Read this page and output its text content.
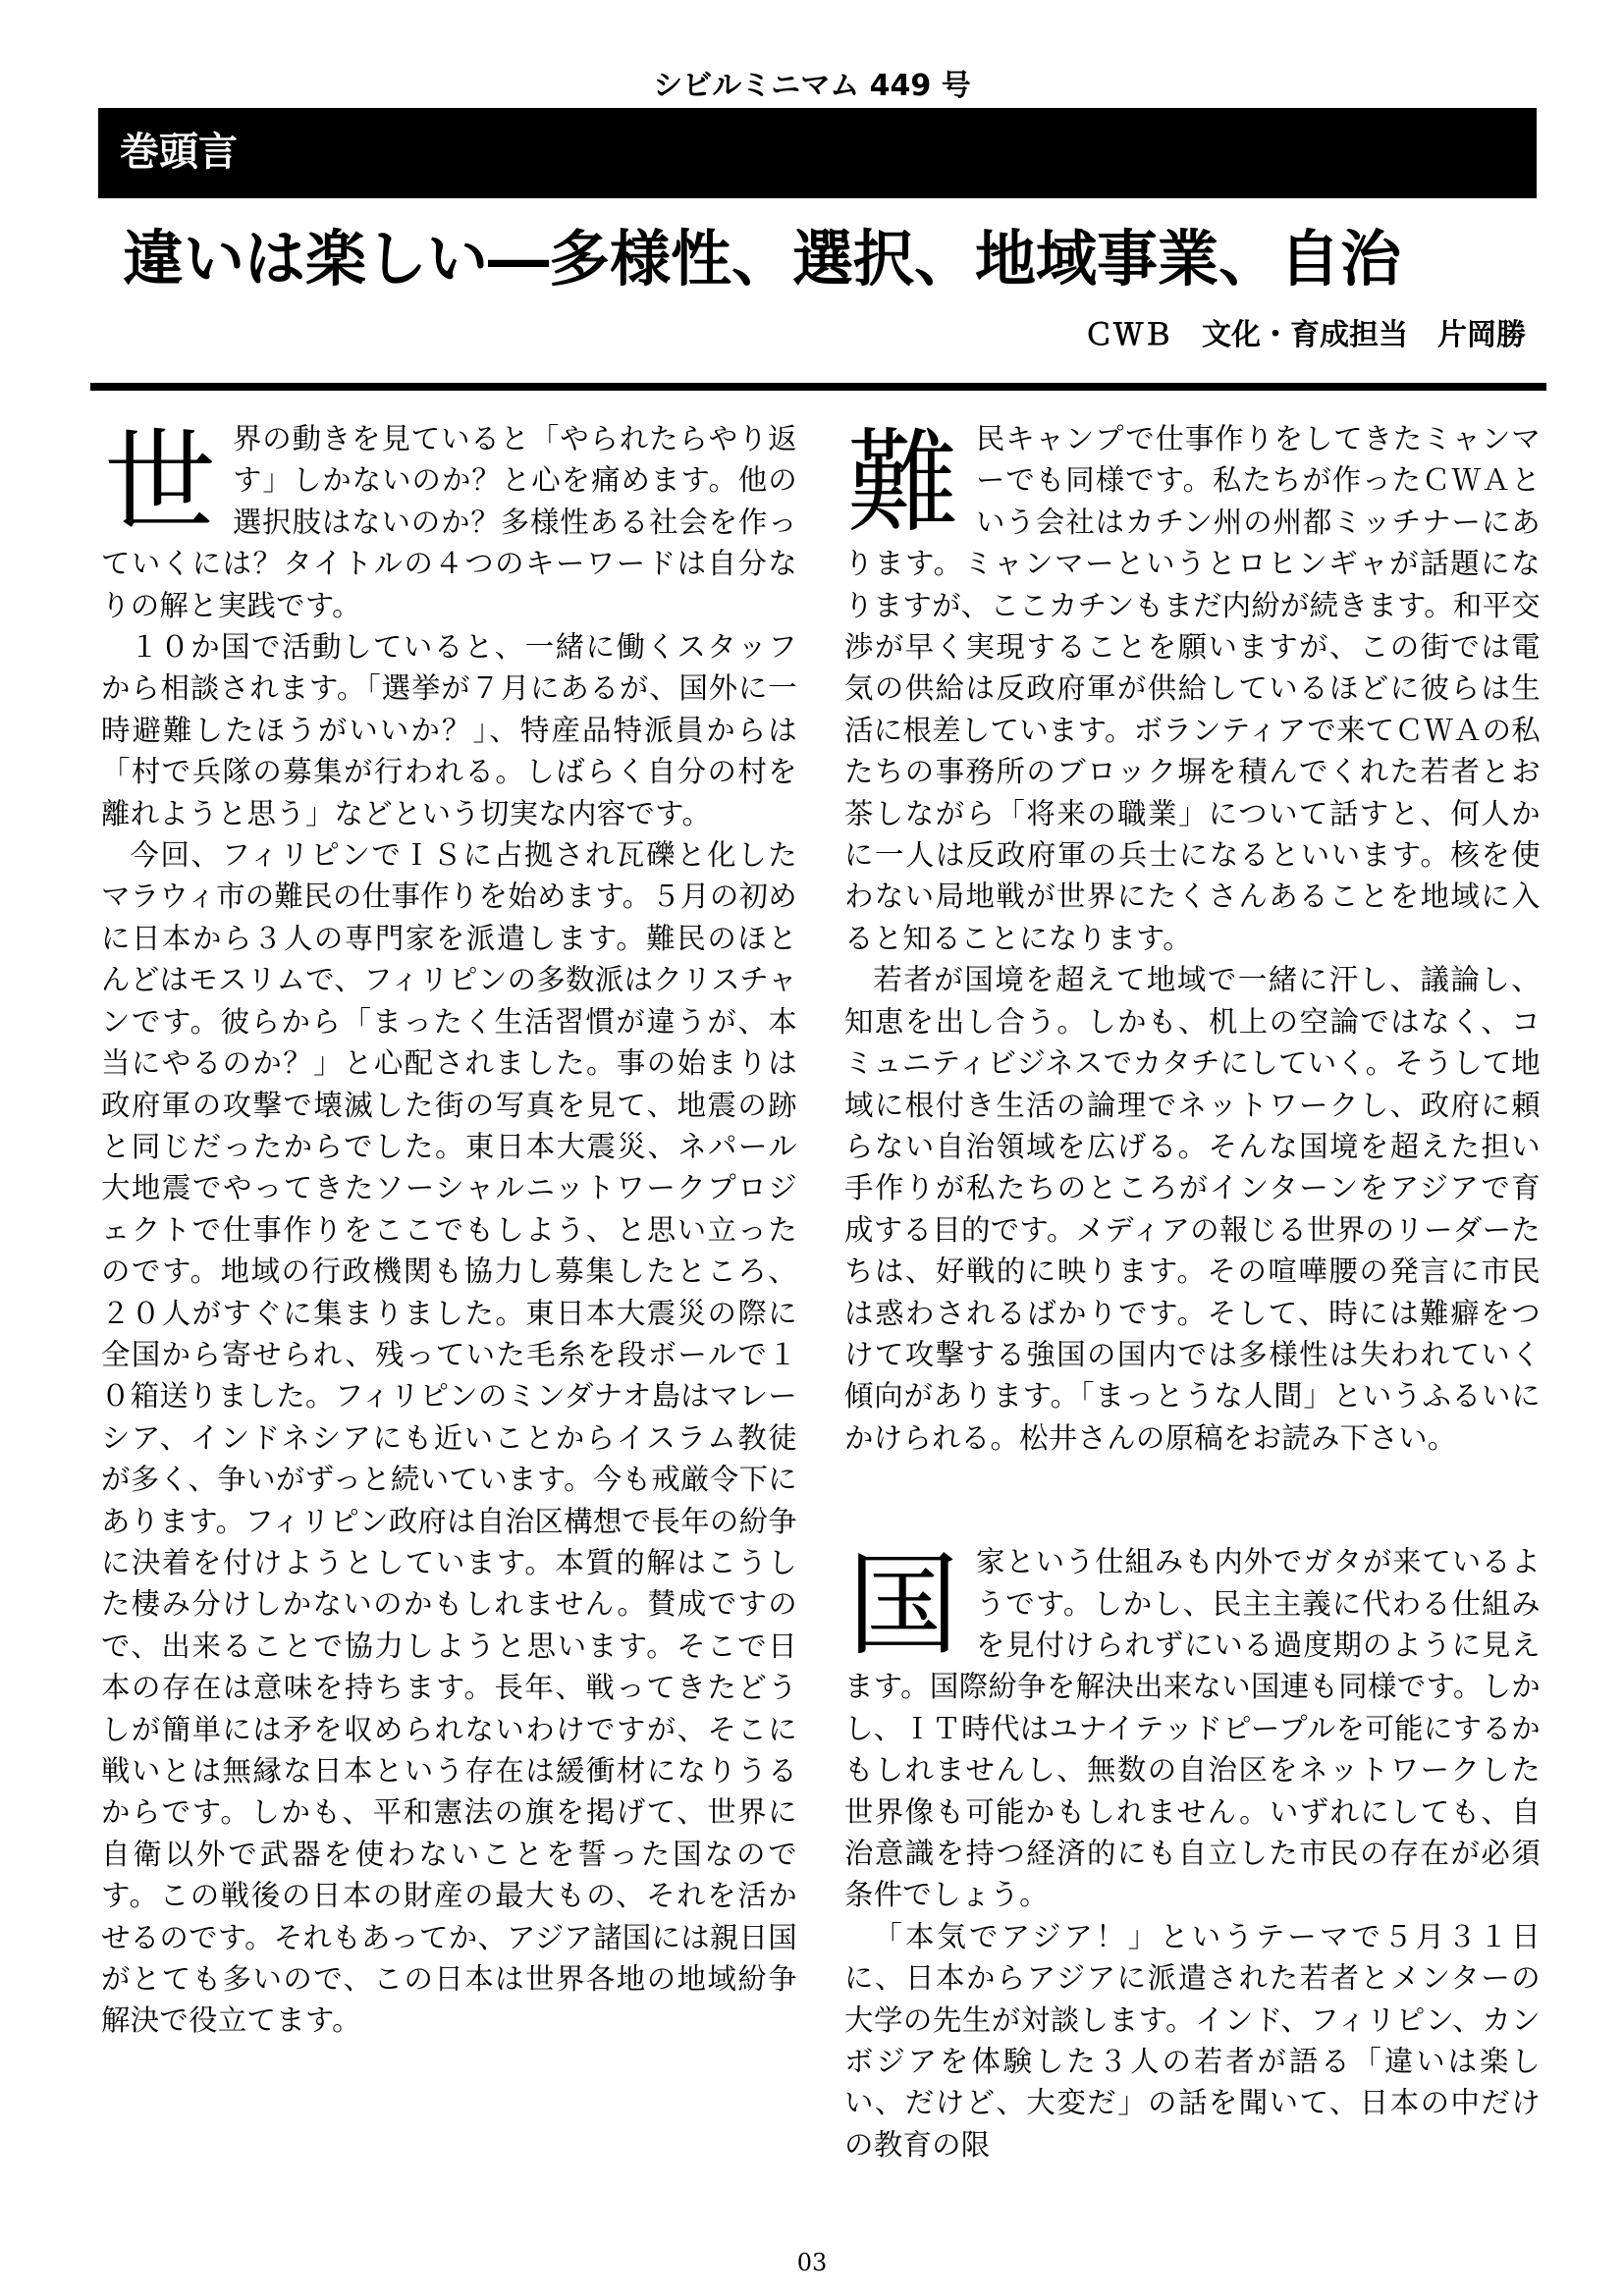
シビルミニマム 449 号
巻頭言
違いは楽しい―多様性、選択、地域事業、自治
ＣＷＢ　文化・育成担当　片岡勝

世界の動きを見ていると「やられたらやり返す」しかないのか？と心を痛めます。他の選択肢はないのか？多様性ある社会を作っていくには？タイトルの４つのキーワードは自分なりの解と実践です。

１０か国で活動していると、一緒に働くスタッフから相談されます。「選挙が７月にあるが、国外に一時避難したほうがいいか？」、特産品特派員からは「村で兵隊の募集が行われる。しばらく自分の村を離れようと思う」などという切実な内容です。

今回、フィリピンでＩＳに占拠され瓦礫と化したマラウィ市の難民の仕事作りを始めます。５月の初めに日本から３人の専門家を派遣します。難民のほとんどはモスリムで、フィリピンの多数派はクリスチャンです。彼らから「まったく生活習慣が違うが、本当にやるのか？」と心配されました。事の始まりは政府軍の攻撃で壊滅した街の写真を見て、地震の跡と同じだったからでした。東日本大震災、ネパール大地震でやってきたソーシャルニットワークプロジェクトで仕事作りをここでもしよう、と思い立ったのです。地域の行政機関も協力し募集したところ、２０人がすぐに集まりました。東日本大震災の際に全国から寄せられ、残っていた毛糸を段ボールで１０箱送りました。フィリピンのミンダナオ島はマレーシア、インドネシアにも近いことからイスラム教徒が多く、争いがずっと続いています。今も戒厳令下にあります。フィリピン政府は自治区構想で長年の紛争に決着を付けようとしています。本質的解はこうした棲み分けしかないのかもしれません。賛成ですので、出来ることで協力しようと思います。そこで日本の存在は意味を持ちます。長年、戦ってきたどうしが簡単には矛を収められないわけですが、そこに戦いとは無縁な日本という存在は緩衝材になりうるからです。しかも、平和憲法の旗を掲げて、世界に自衛以外で武器を使わないことを誓った国なのです。この戦後の日本の財産の最大もの、それを活かせるのです。それもあってか、アジア諸国には親日国がとても多いので、この日本は世界各地の地域紛争解決で役立てます。

難民キャンプで仕事作りをしてきたミャンマーでも同様です。私たちが作ったＣＷＡという会社はカチン州の州都ミッチナーにあります。ミャンマーというとロヒンギャが話題になりますが、ここカチンもまだ内紛が続きます。和平交渉が早く実現することを願いますが、この街では電気の供給は反政府軍が供給しているほどに彼らは生活に根差しています。ボランティアで来てＣＷＡの私たちの事務所のブロック塀を積んでくれた若者とお茶しながら「将来の職業」について話すと、何人かに一人は反政府軍の兵士になるといいます。核を使わない局地戦が世界にたくさんあることを地域に入ると知ることになります。

若者が国境を超えて地域で一緒に汗し、議論し、知恵を出し合う。しかも、机上の空論ではなく、コミュニティビジネスでカタチにしていく。そうして地域に根付き生活の論理でネットワークし、政府に頼らない自治領域を広げる。そんな国境を超えた担い手作りが私たちのところがインターンをアジアで育成する目的です。メディアの報じる世界のリーダーたちは、好戦的に映ります。その喧嘩腰の発言に市民は惑わされるばかりです。そして、時には難癖をつけて攻撃する強国の国内では多様性は失われていく傾向があります。「まっとうな人間」というふるいにかけられる。松井さんの原稿をお読み下さい。

国家という仕組みも内外でガタが来ているようです。しかし、民主主義に代わる仕組みを見付けられずにいる過度期のように見えます。国際紛争を解決出来ない国連も同様です。しかし、ＩＴ時代はユナイテッドピープルを可能にするかもしれませんし、無数の自治区をネットワークした世界像も可能かもしれません。いずれにしても、自治意識を持つ経済的にも自立した市民の存在が必須条件でしょう。

「本気でアジア！」というテーマで５月３１日に、日本からアジアに派遣された若者とメンターの大学の先生が対談します。インド、フィリピン、カンボジアを体験した３人の若者が語る「違いは楽しい、だけど、大変だ」の話を聞いて、日本の中だけの教育の限

03
